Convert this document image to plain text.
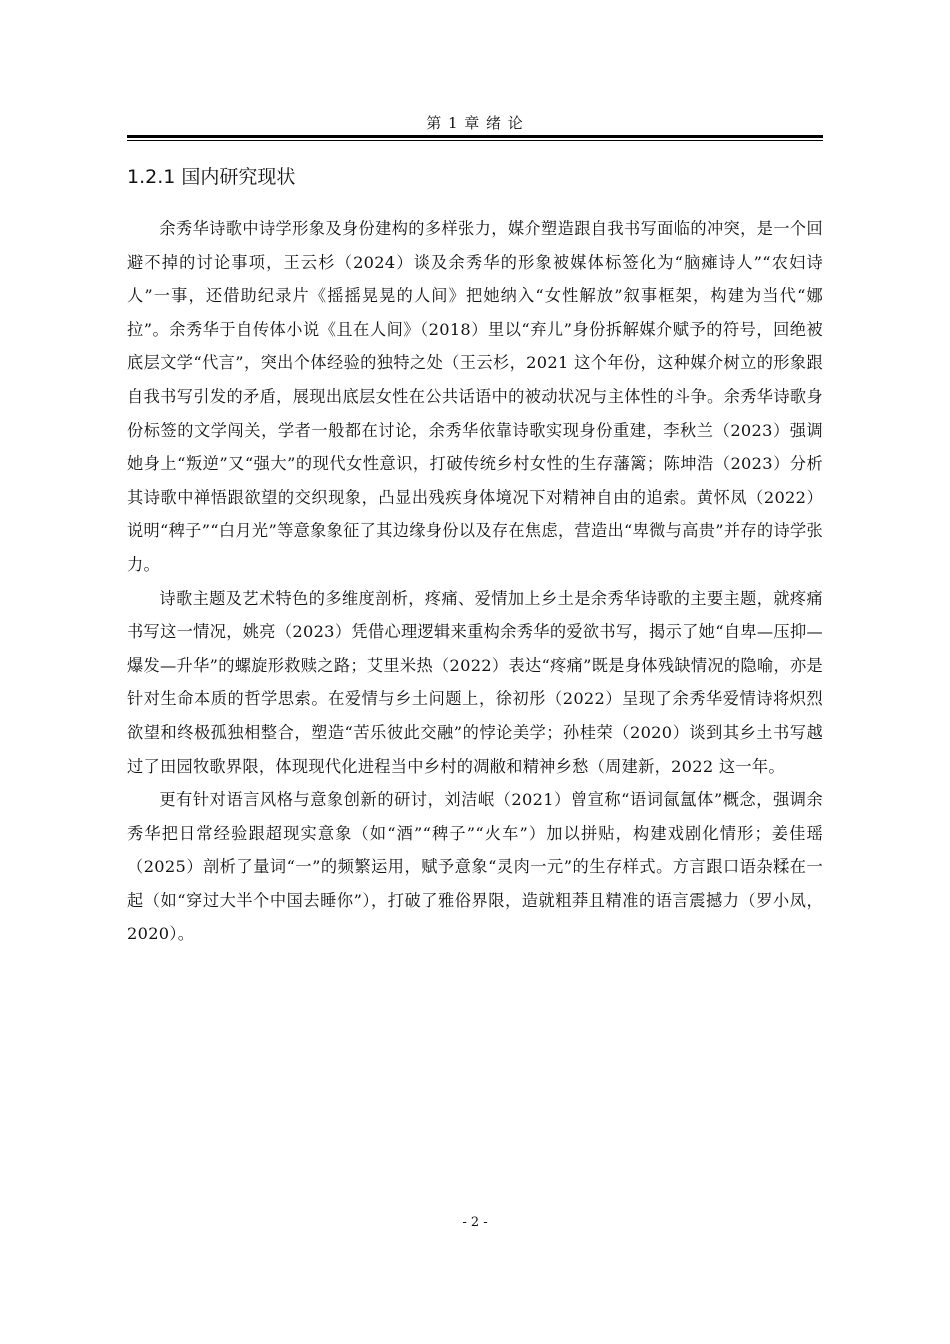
第 1 章 绪 论
1.2.1 国内研究现状

余秀华诗歌中诗学形象及身份建构的多样张力，媒介塑造跟自我书写面临的冲突，是一个回避不掉的讨论事项，王云杉（2024）谈及余秀华的形象被媒体标签化为“脑瘫诗人”“农妇诗人”一事，还借助纪录片《摇摇晃晃的人间》把她纳入“女性解放”叙事框架，构建为当代“娜拉”。余秀华于自传体小说《且在人间》（2018）里以“弃儿”身份拆解媒介赋予的符号，回绝被底层文学“代言”，突出个体经验的独特之处（王云杉，2021 这个年份，这种媒介树立的形象跟自我书写引发的矛盾，展现出底层女性在公共话语中的被动状况与主体性的斗争。余秀华诗歌身份标签的文学闯关，学者一般都在讨论，余秀华依靠诗歌实现身份重建，李秋兰（2023）强调她身上“叛逆”又“强大”的现代女性意识，打破传统乡村女性的生存藩篱；陈坤浩（2023）分析其诗歌中禅悟跟欲望的交织现象，凸显出残疾身体境况下对精神自由的追索。黄怀凤（2022）说明“稗子”“白月光”等意象象征了其边缘身份以及存在焦虑，营造出“卑微与高贵”并存的诗学张力。

诗歌主题及艺术特色的多维度剖析，疼痛、爱情加上乡土是余秀华诗歌的主要主题，就疼痛书写这一情况，姚亮（2023）凭借心理逻辑来重构余秀华的爱欲书写，揭示了她“自卑—压抑—爆发—升华”的螺旋形救赎之路；艾里米热（2022）表达“疼痛”既是身体残缺情况的隐喻，亦是针对生命本质的哲学思索。在爱情与乡土问题上，徐初彤（2022）呈现了余秀华爱情诗将炽烈欲望和终极孤独相整合，塑造“苦乐彼此交融”的悖论美学；孙桂荣（2020）谈到其乡土书写越过了田园牧歌界限，体现现代化进程当中乡村的凋敝和精神乡愁（周建新，2022 这一年。

更有针对语言风格与意象创新的研讨，刘洁岷（2021）曾宣称“语词氤氲体”概念，强调余秀华把日常经验跟超现实意象（如“酒”“稗子”“火车”）加以拼贴，构建戏剧化情形；姜佳瑶（2025）剖析了量词“一”的频繁运用，赋予意象“灵肉一元”的生存样式。方言跟口语杂糅在一起（如“穿过大半个中国去睡你”），打破了雅俗界限，造就粗莽且精准的语言震撼力（罗小凤，2020）。

- 2 -
